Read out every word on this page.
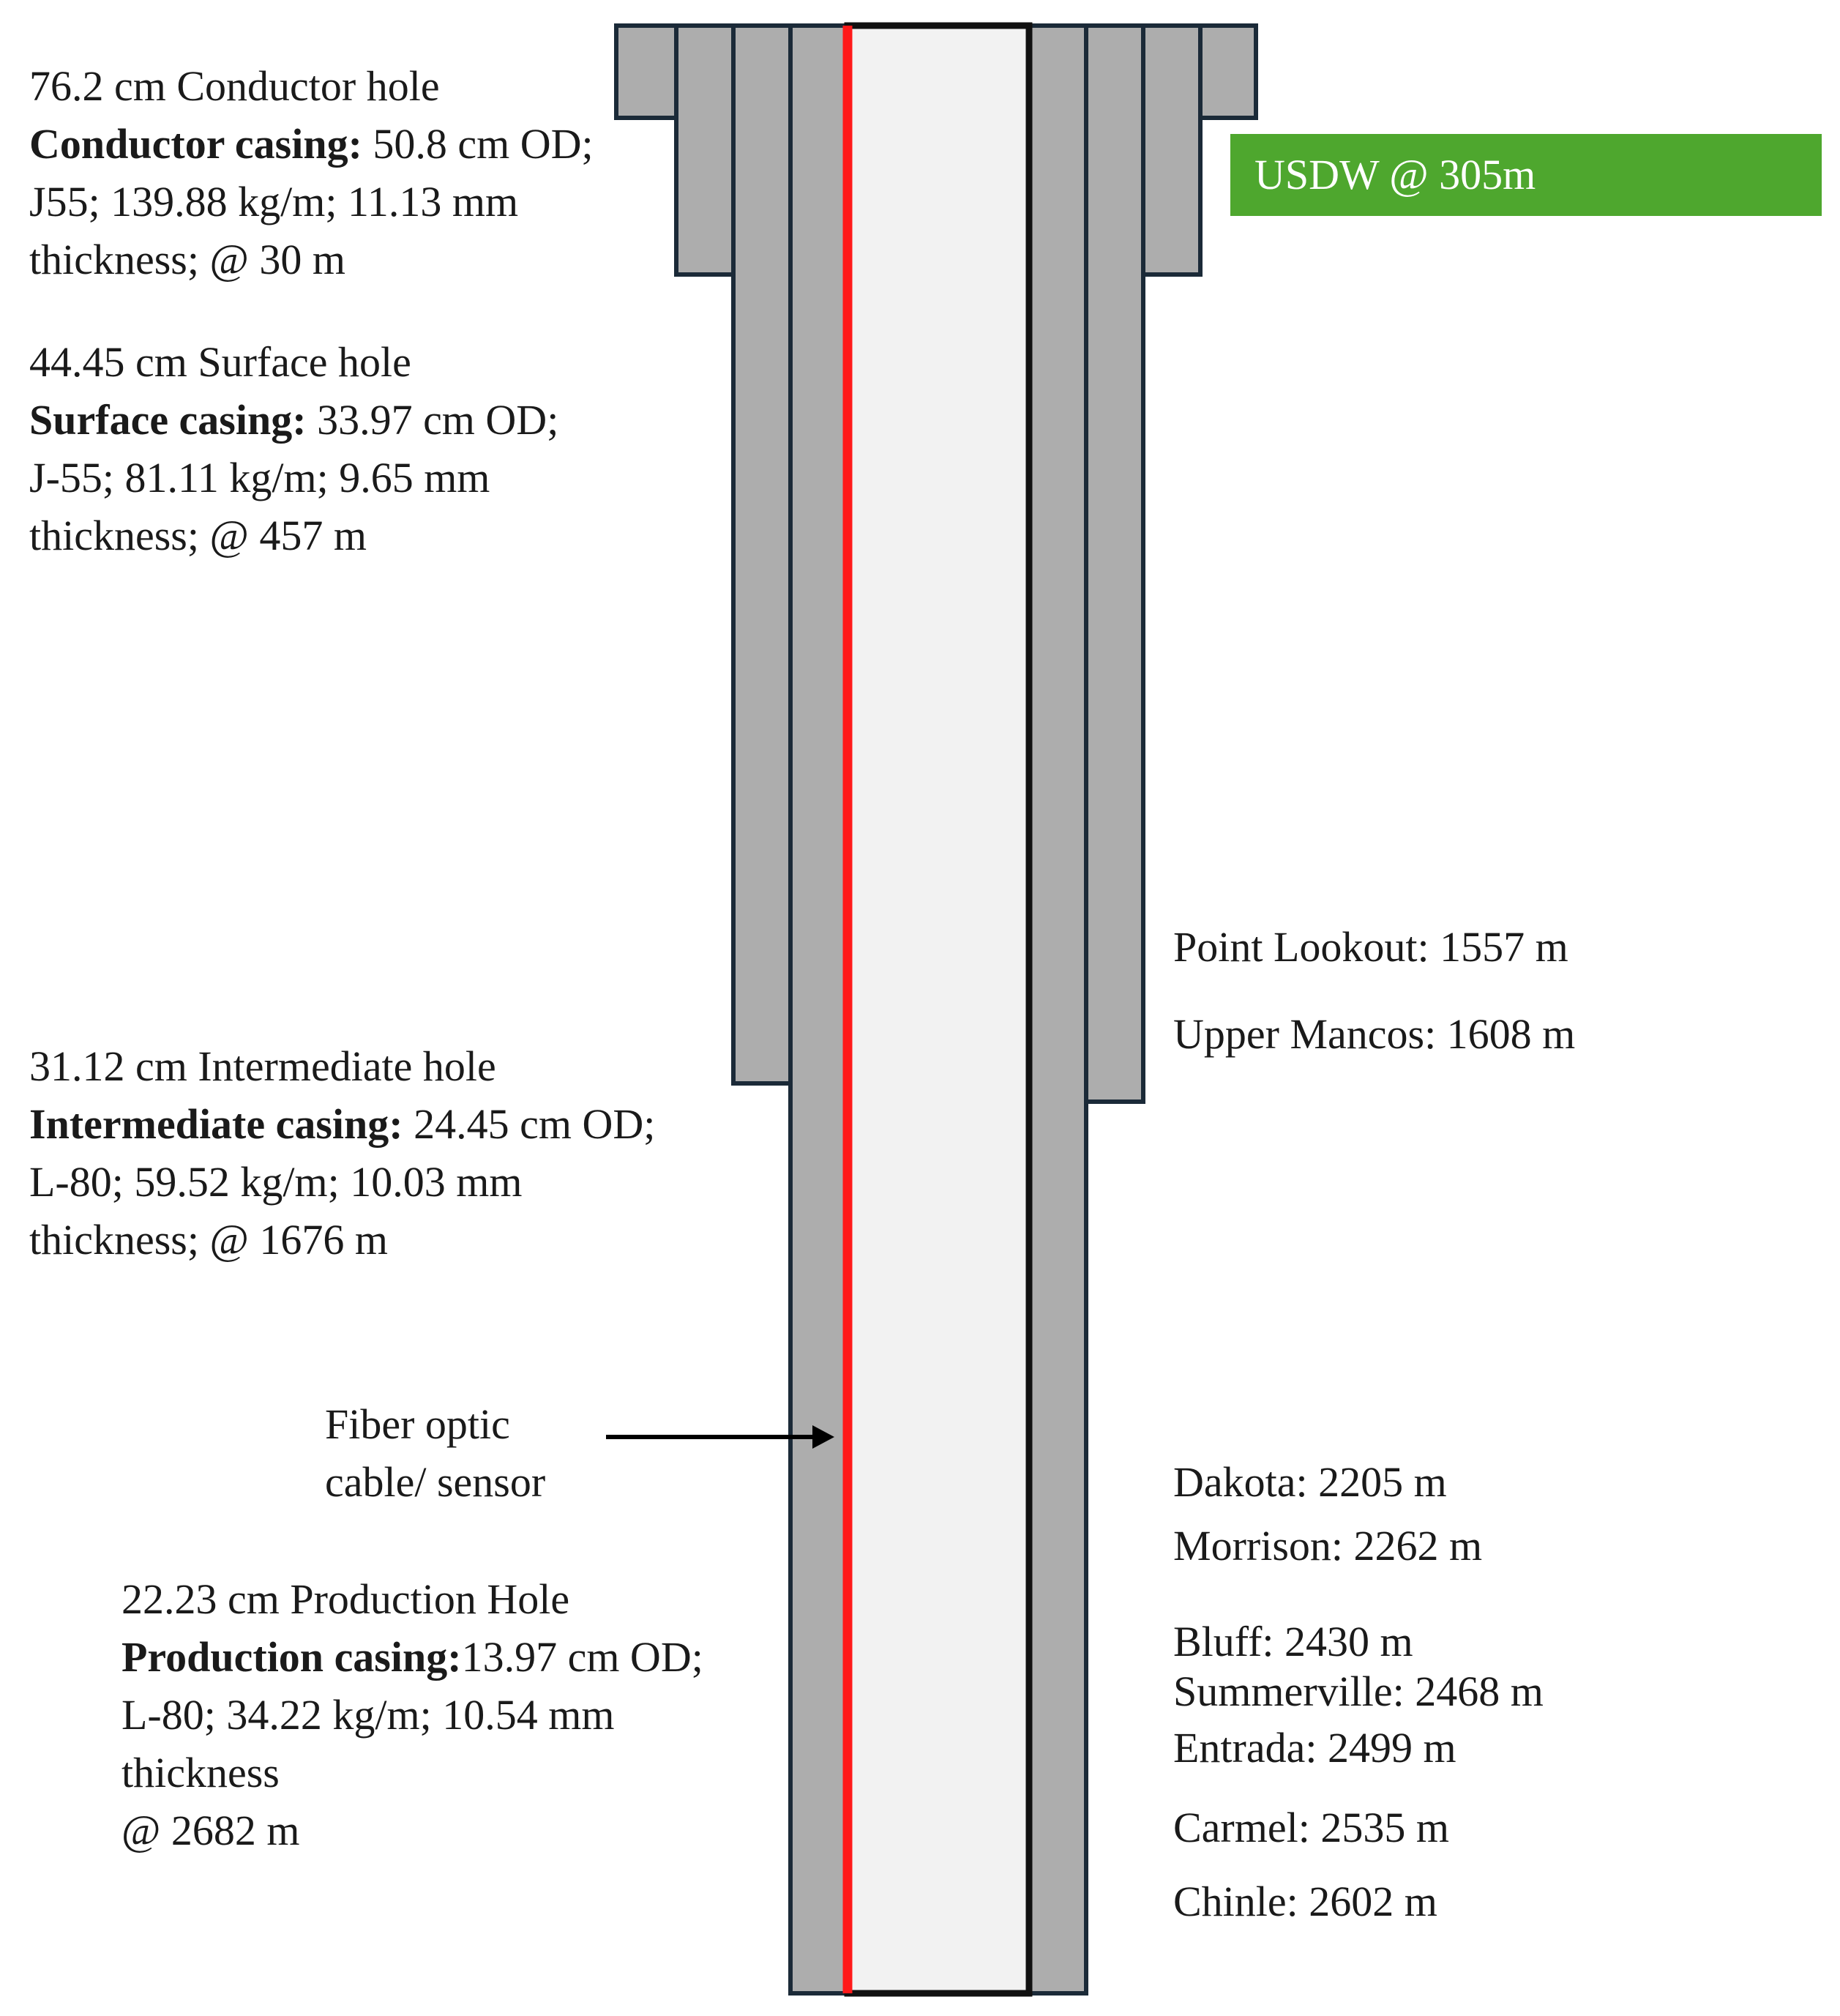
76.2 cm Conductor hole
Conductor casing: 50.8 cm OD;
J55; 139.88 kg/m; 11.13 mm
thickness; @ 30 m
44.45 cm Surface hole
Surface casing: 33.97 cm OD;
J-55; 81.11 kg/m; 9.65 mm
thickness; @ 457 m
31.12 cm Intermediate hole
Intermediate casing: 24.45 cm OD;
L-80; 59.52 kg/m; 10.03 mm
thickness; @ 1676 m
Fiber optic
cable/ sensor
22.23 cm Production Hole
Production casing:13.97 cm OD;
L-80; 34.22 kg/m; 10.54 mm
thickness
@ 2682 m
USDW @ 305m
Point Lookout: 1557 m
Upper Mancos: 1608 m
Dakota: 2205 m
Morrison: 2262 m
Bluff: 2430 m
Summerville: 2468 m
Entrada: 2499 m
Carmel: 2535 m
Chinle: 2602 m
